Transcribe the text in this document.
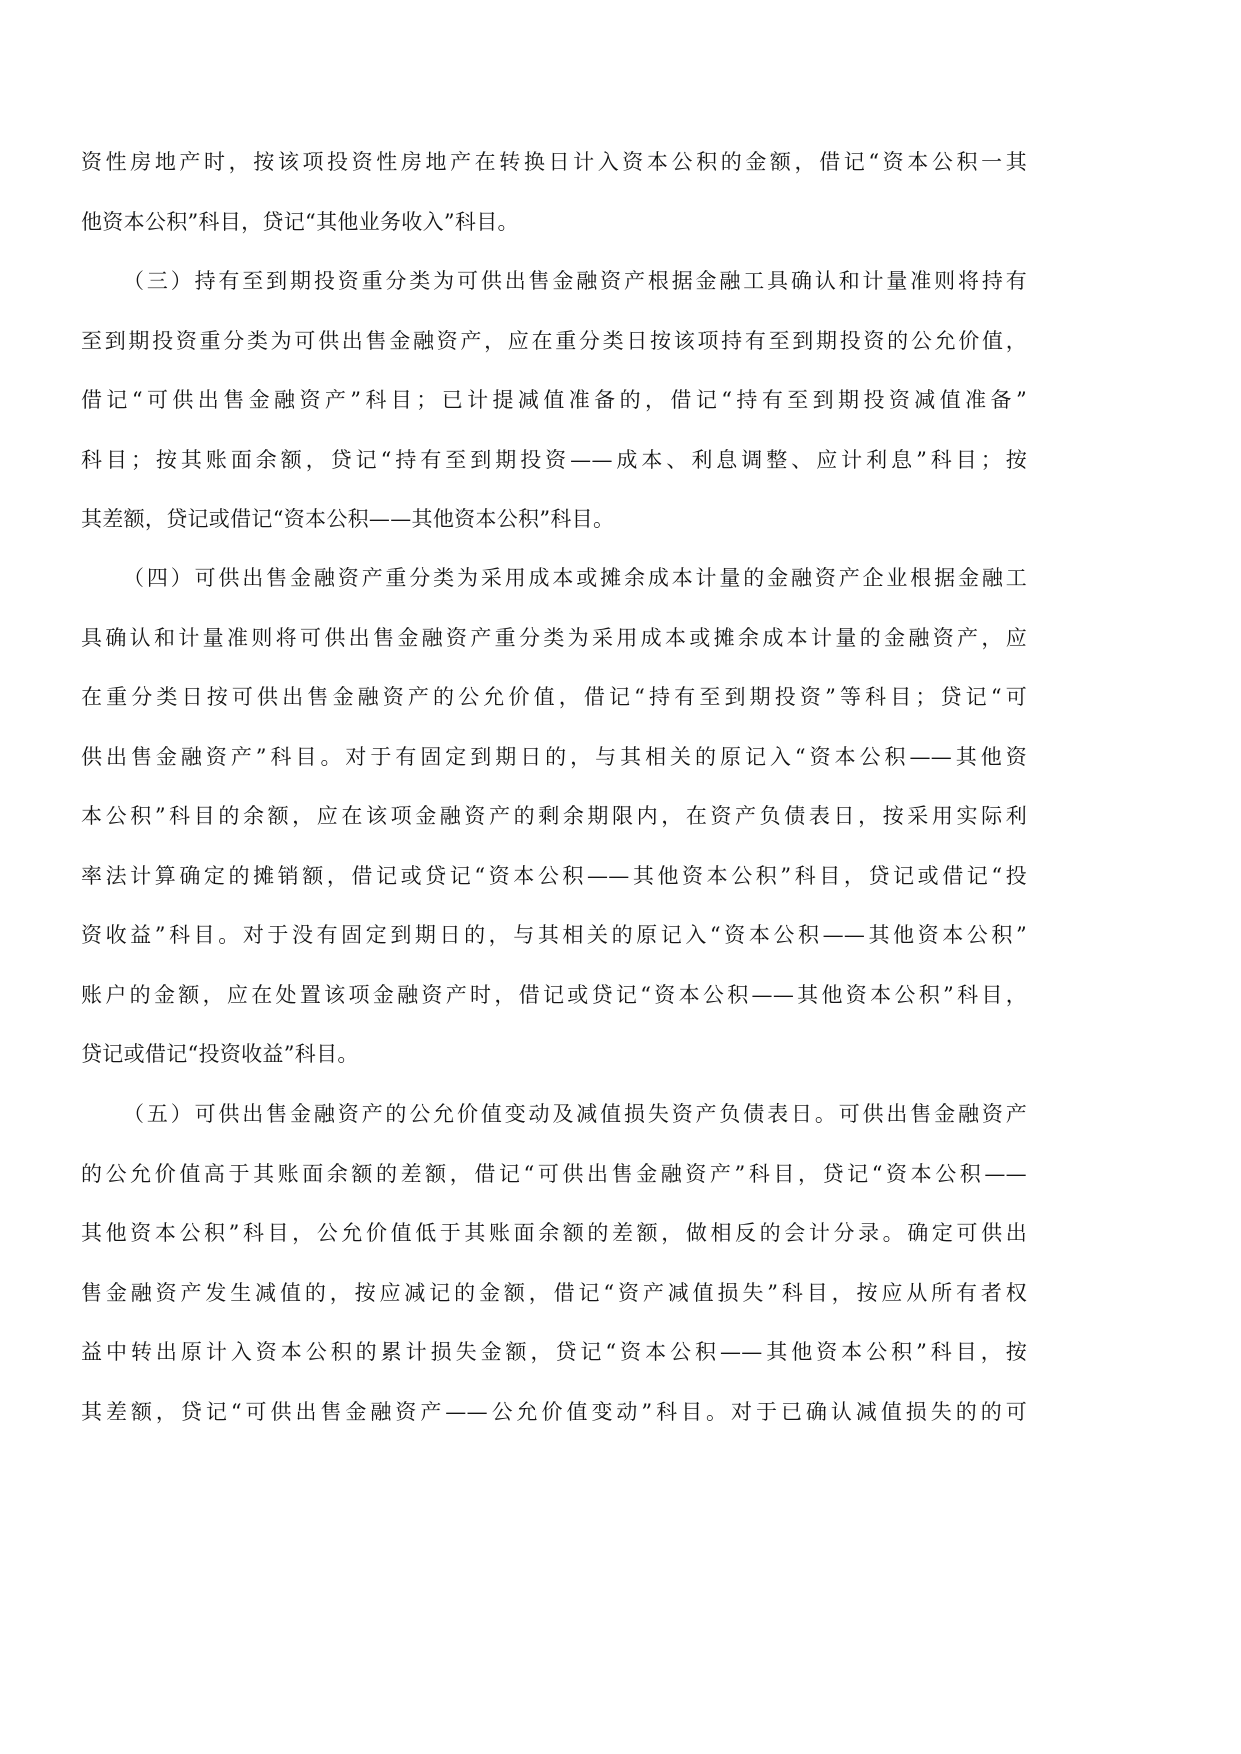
资性房地产时，按该项投资性房地产在转换日计入资本公积的金额，借记“资本公积一其
他资本公积”科目，贷记“其他业务收入”科目。
（三）持有至到期投资重分类为可供出售金融资产根据金融工具确认和计量准则将持有
至到期投资重分类为可供出售金融资产，应在重分类日按该项持有至到期投资的公允价值，
借记“可供出售金融资产”科目；已计提减值准备的，借记“持有至到期投资减值准备”
科目；按其账面余额，贷记“持有至到期投资——成本、利息调整、应计利息”科目；按
其差额，贷记或借记“资本公积——其他资本公积”科目。
（四）可供出售金融资产重分类为采用成本或摊余成本计量的金融资产企业根据金融工
具确认和计量准则将可供出售金融资产重分类为采用成本或摊余成本计量的金融资产，应
在重分类日按可供出售金融资产的公允价值，借记“持有至到期投资”等科目；贷记“可
供出售金融资产”科目。对于有固定到期日的，与其相关的原记入“资本公积——其他资
本公积”科目的余额，应在该项金融资产的剩余期限内，在资产负债表日，按采用实际利
率法计算确定的摊销额，借记或贷记“资本公积——其他资本公积”科目，贷记或借记“投
资收益”科目。对于没有固定到期日的，与其相关的原记入“资本公积——其他资本公积”
账户的金额，应在处置该项金融资产时，借记或贷记“资本公积——其他资本公积”科目，
贷记或借记“投资收益”科目。
（五）可供出售金融资产的公允价值变动及减值损失资产负债表日。可供出售金融资产
的公允价值高于其账面余额的差额，借记“可供出售金融资产”科目，贷记“资本公积——
其他资本公积”科目，公允价值低于其账面余额的差额，做相反的会计分录。确定可供出
售金融资产发生减值的，按应减记的金额，借记“资产减值损失”科目，按应从所有者权
益中转出原计入资本公积的累计损失金额，贷记“资本公积——其他资本公积”科目，按
其差额，贷记“可供出售金融资产——公允价值变动”科目。对于已确认减值损失的的可
